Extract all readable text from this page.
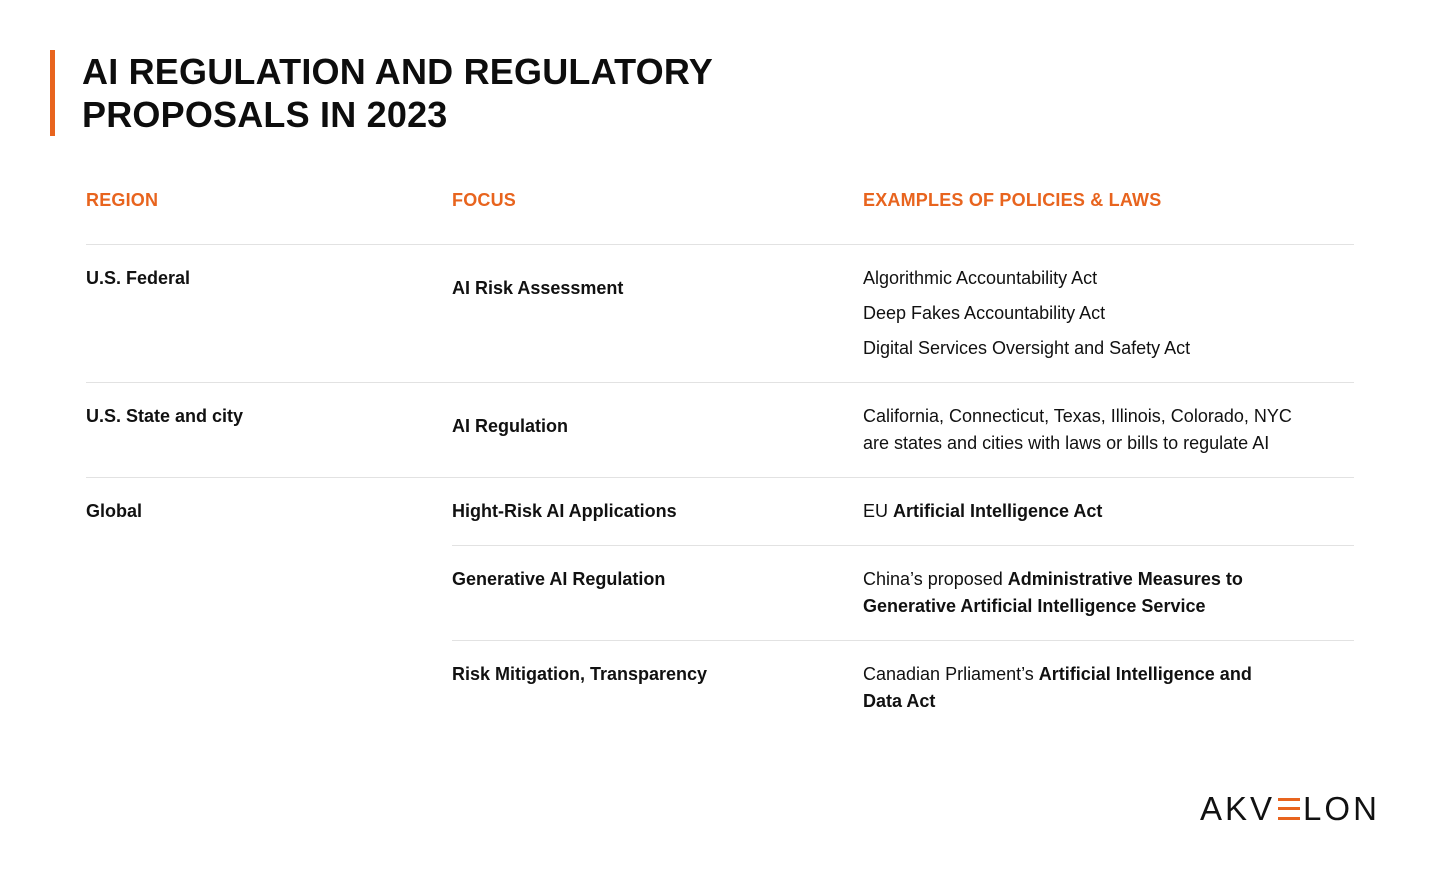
AI REGULATION AND REGULATORY PROPOSALS IN 2023
REGION	FOCUS	EXAMPLES OF POLICIES & LAWS
U.S. Federal	AI Risk Assessment	Algorithmic Accountability Act
Deep Fakes Accountability Act
Digital Services Oversight and Safety Act
U.S. State and city	AI Regulation	California, Connecticut, Texas, Illinois, Colorado, NYC
are states and cities with laws or bills to regulate AI
Global	Hight-Risk AI Applications	EU Artificial Intelligence Act
Generative AI Regulation	China’s proposed Administrative Measures to Generative Artificial Intelligence Service
Risk Mitigation, Transparency	Canadian Prliament’s Artificial Intelligence and Data Act
AKV LON
